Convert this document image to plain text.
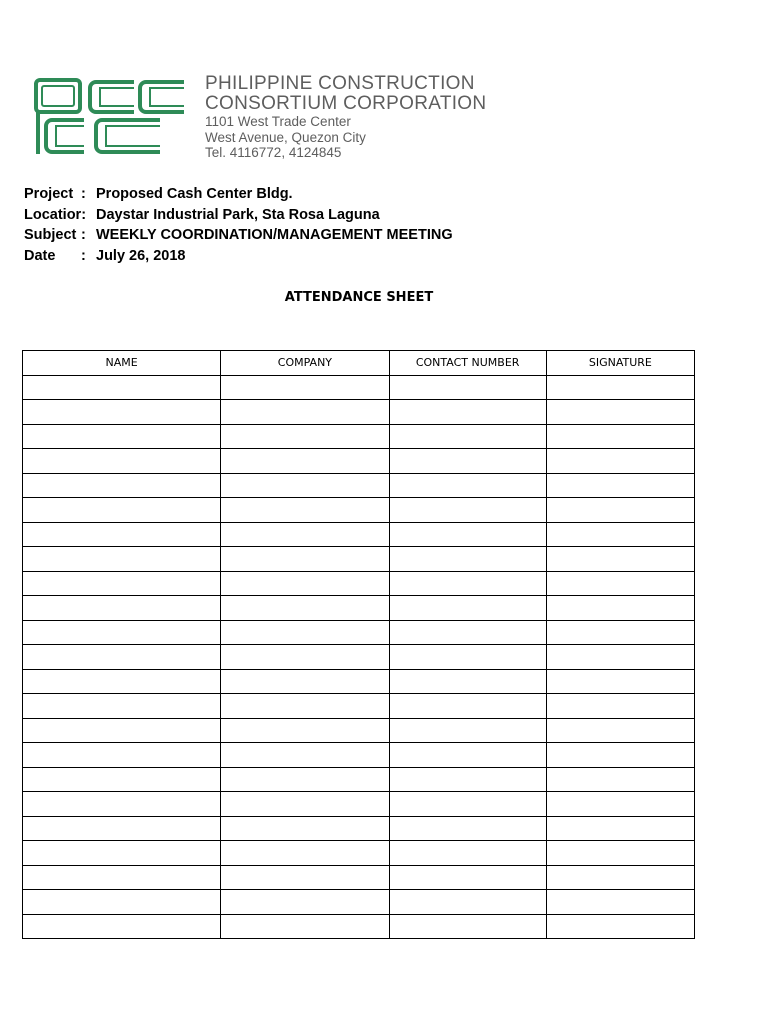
PHILIPPINE CONSTRUCTION
CONSORTIUM CORPORATION
1101 West Trade Center
West Avenue, Quezon City
Tel. 4116772, 4124845
Project : Proposed Cash Center Bldg.
Locatior: Daystar Industrial Park, Sta Rosa Laguna
Subject : WEEKLY COORDINATION/MANAGEMENT MEETING
Date	: July 26, 2018
ATTENDANCE SHEET
NAME	COMPANY	CONTACT NUMBER	SIGNATURE
